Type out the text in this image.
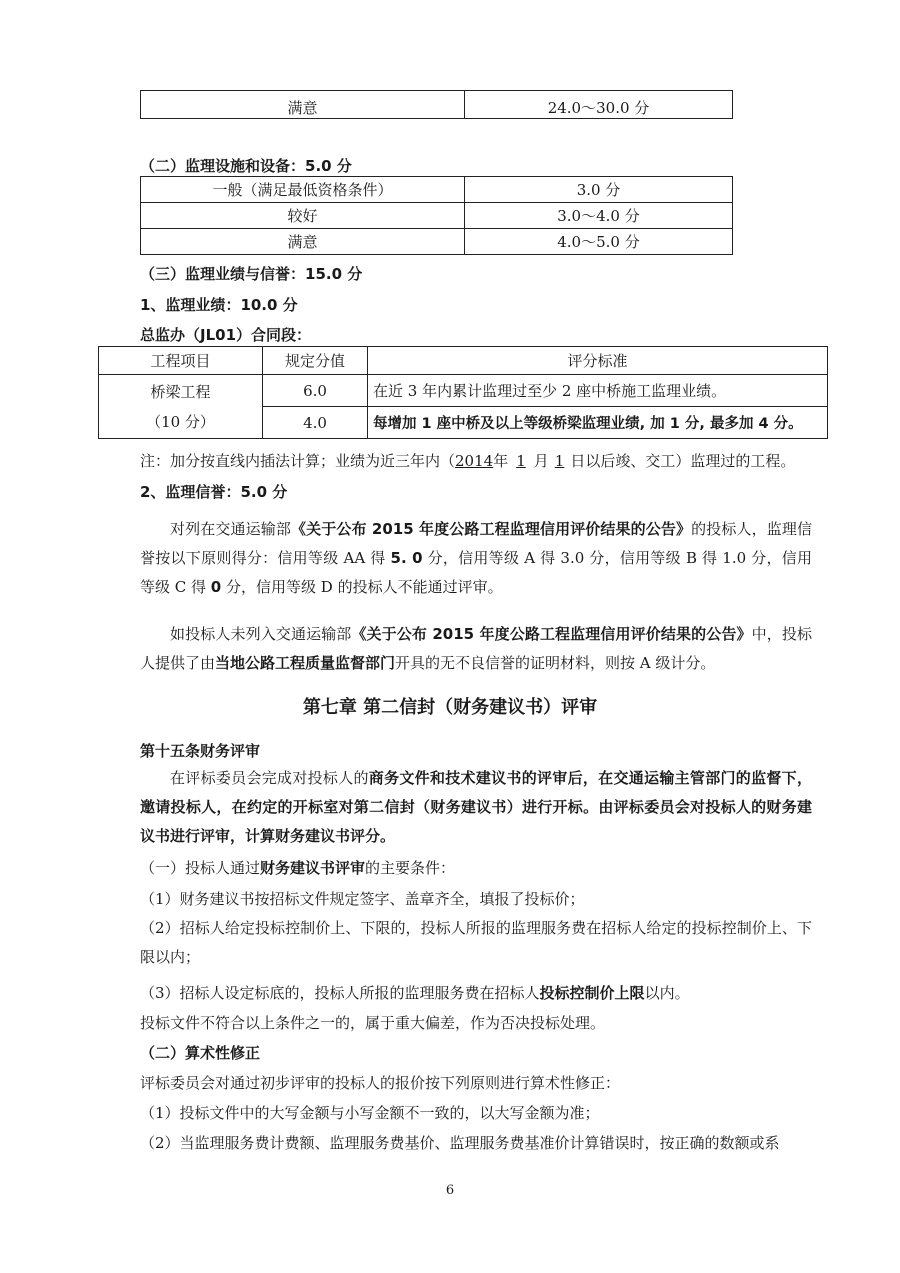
满意	24.0～30.0 分
（二）监理设施和设备：5.0 分
一般（满足最低资格条件）	3.0 分
较好	3.0～4.0 分
满意	4.0～5.0 分
（三）监理业绩与信誉：15.0 分
1、监理业绩：10.0 分
总监办（JL01）合同段：
工程项目	规定分值	评分标准

桥梁工程
（10 分）	6.0	在近 3 年内累计监理过至少 2 座中桥施工监理业绩。
	4.0	每增加 1 座中桥及以上等级桥梁监理业绩, 加 1 分, 最多加 4 分。
注：加分按直线内插法计算；业绩为近三年内（2014年 1 月 1 日以后竣、交工）监理过的工程。
2、监理信誉：5.0 分
对列在交通运输部《关于公布 2015 年度公路工程监理信用评价结果的公告》的投标人，监理信誉按以下原则得分：信用等级 AA 得 5. 0 分，信用等级 A 得 3.0 分，信用等级 B 得 1.0 分，信用等级 C 得 0 分，信用等级 D 的投标人不能通过评审。
如投标人未列入交通运输部《关于公布 2015 年度公路工程监理信用评价结果的公告》中，投标人提供了由当地公路工程质量监督部门开具的无不良信誉的证明材料，则按 A 级计分。
第七章 第二信封（财务建议书）评审
第十五条财务评审
在评标委员会完成对投标人的商务文件和技术建议书的评审后，在交通运输主管部门的监督下，邀请投标人，在约定的开标室对第二信封（财务建议书）进行开标。由评标委员会对投标人的财务建议书进行评审，计算财务建议书评分。
（一）投标人通过财务建议书评审的主要条件：
（1）财务建议书按招标文件规定签字、盖章齐全，填报了投标价；
（2）招标人给定投标控制价上、下限的，投标人所报的监理服务费在招标人给定的投标控制价上、下限以内；
（3）招标人设定标底的，投标人所报的监理服务费在招标人投标控制价上限以内。
投标文件不符合以上条件之一的，属于重大偏差，作为否决投标处理。
（二）算术性修正
评标委员会对通过初步评审的投标人的报价按下列原则进行算术性修正：
（1）投标文件中的大写金额与小写金额不一致的，以大写金额为准；
（2）当监理服务费计费额、监理服务费基价、监理服务费基准价计算错误时，按正确的数额或系
6
